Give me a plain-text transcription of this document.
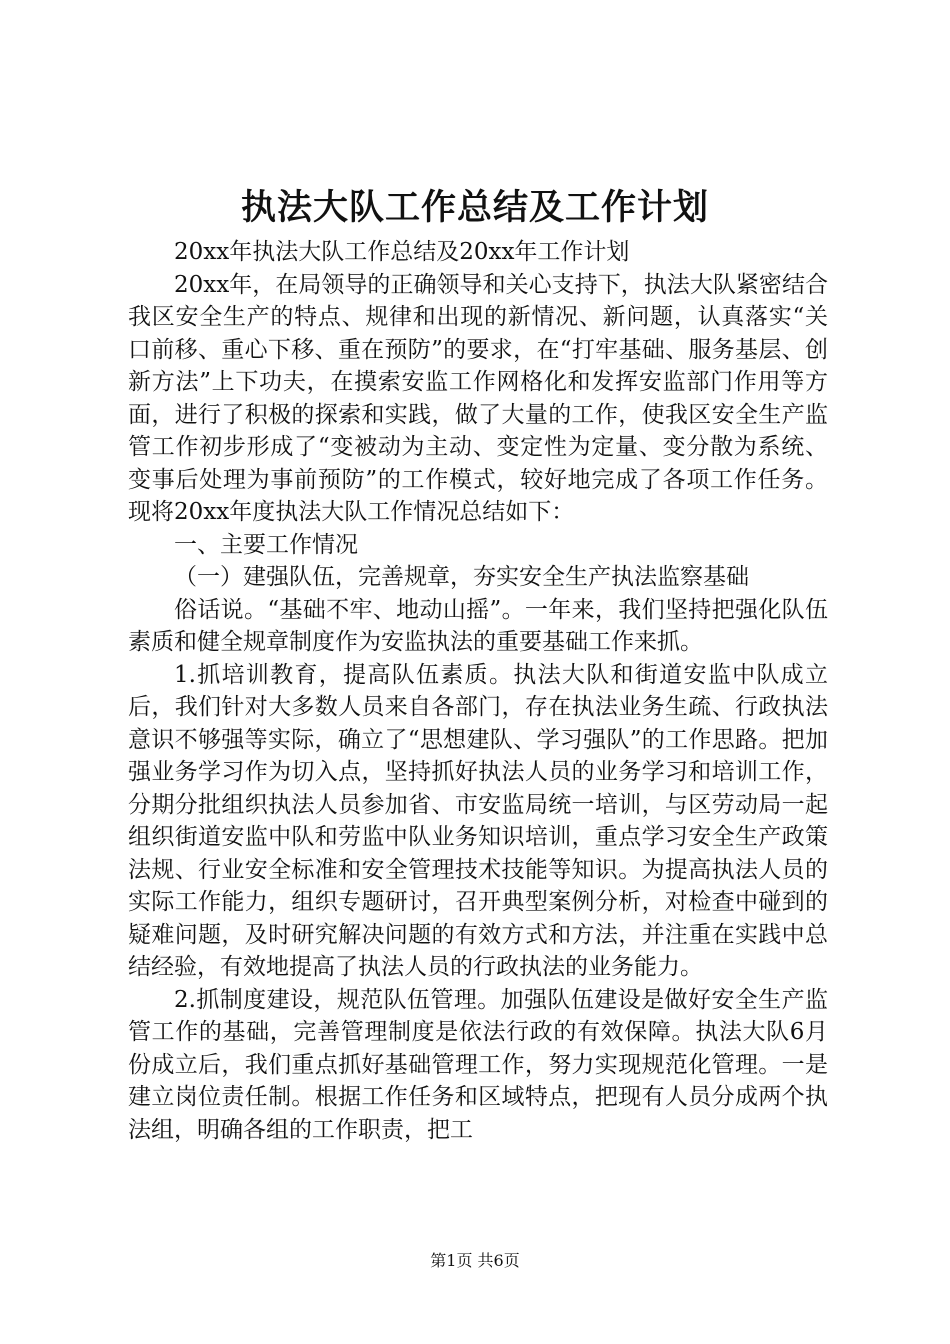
执法大队工作总结及工作计划

20xx年执法大队工作总结及20xx年工作计划

20xx年，在局领导的正确领导和关心支持下，执法大队紧密结合我区安全生产的特点、规律和出现的新情况、新问题，认真落实“关口前移、重心下移、重在预防”的要求，在“打牢基础、服务基层、创新方法”上下功夫，在摸索安监工作网格化和发挥安监部门作用等方面，进行了积极的探索和实践，做了大量的工作，使我区安全生产监管工作初步形成了“变被动为主动、变定性为定量、变分散为系统、变事后处理为事前预防”的工作模式，较好地完成了各项工作任务。现将20xx年度执法大队工作情况总结如下：

一、主要工作情况

（一）建强队伍，完善规章，夯实安全生产执法监察基础

俗话说。“基础不牢、地动山摇”。一年来，我们坚持把强化队伍素质和健全规章制度作为安监执法的重要基础工作来抓。

1.抓培训教育，提高队伍素质。执法大队和街道安监中队成立后，我们针对大多数人员来自各部门，存在执法业务生疏、行政执法意识不够强等实际，确立了“思想建队、学习强队”的工作思路。把加强业务学习作为切入点，坚持抓好执法人员的业务学习和培训工作，分期分批组织执法人员参加省、市安监局统一培训，与区劳动局一起组织街道安监中队和劳监中队业务知识培训，重点学习安全生产政策法规、行业安全标准和安全管理技术技能等知识。为提高执法人员的实际工作能力，组织专题研讨，召开典型案例分析，对检查中碰到的疑难问题，及时研究解决问题的有效方式和方法，并注重在实践中总结经验，有效地提高了执法人员的行政执法的业务能力。

2.抓制度建设，规范队伍管理。加强队伍建设是做好安全生产监管工作的基础，完善管理制度是依法行政的有效保障。执法大队6月份成立后，我们重点抓好基础管理工作，努力实现规范化管理。一是建立岗位责任制。根据工作任务和区域特点，把现有人员分成两个执法组，明确各组的工作职责，把工

第1页 共6页
